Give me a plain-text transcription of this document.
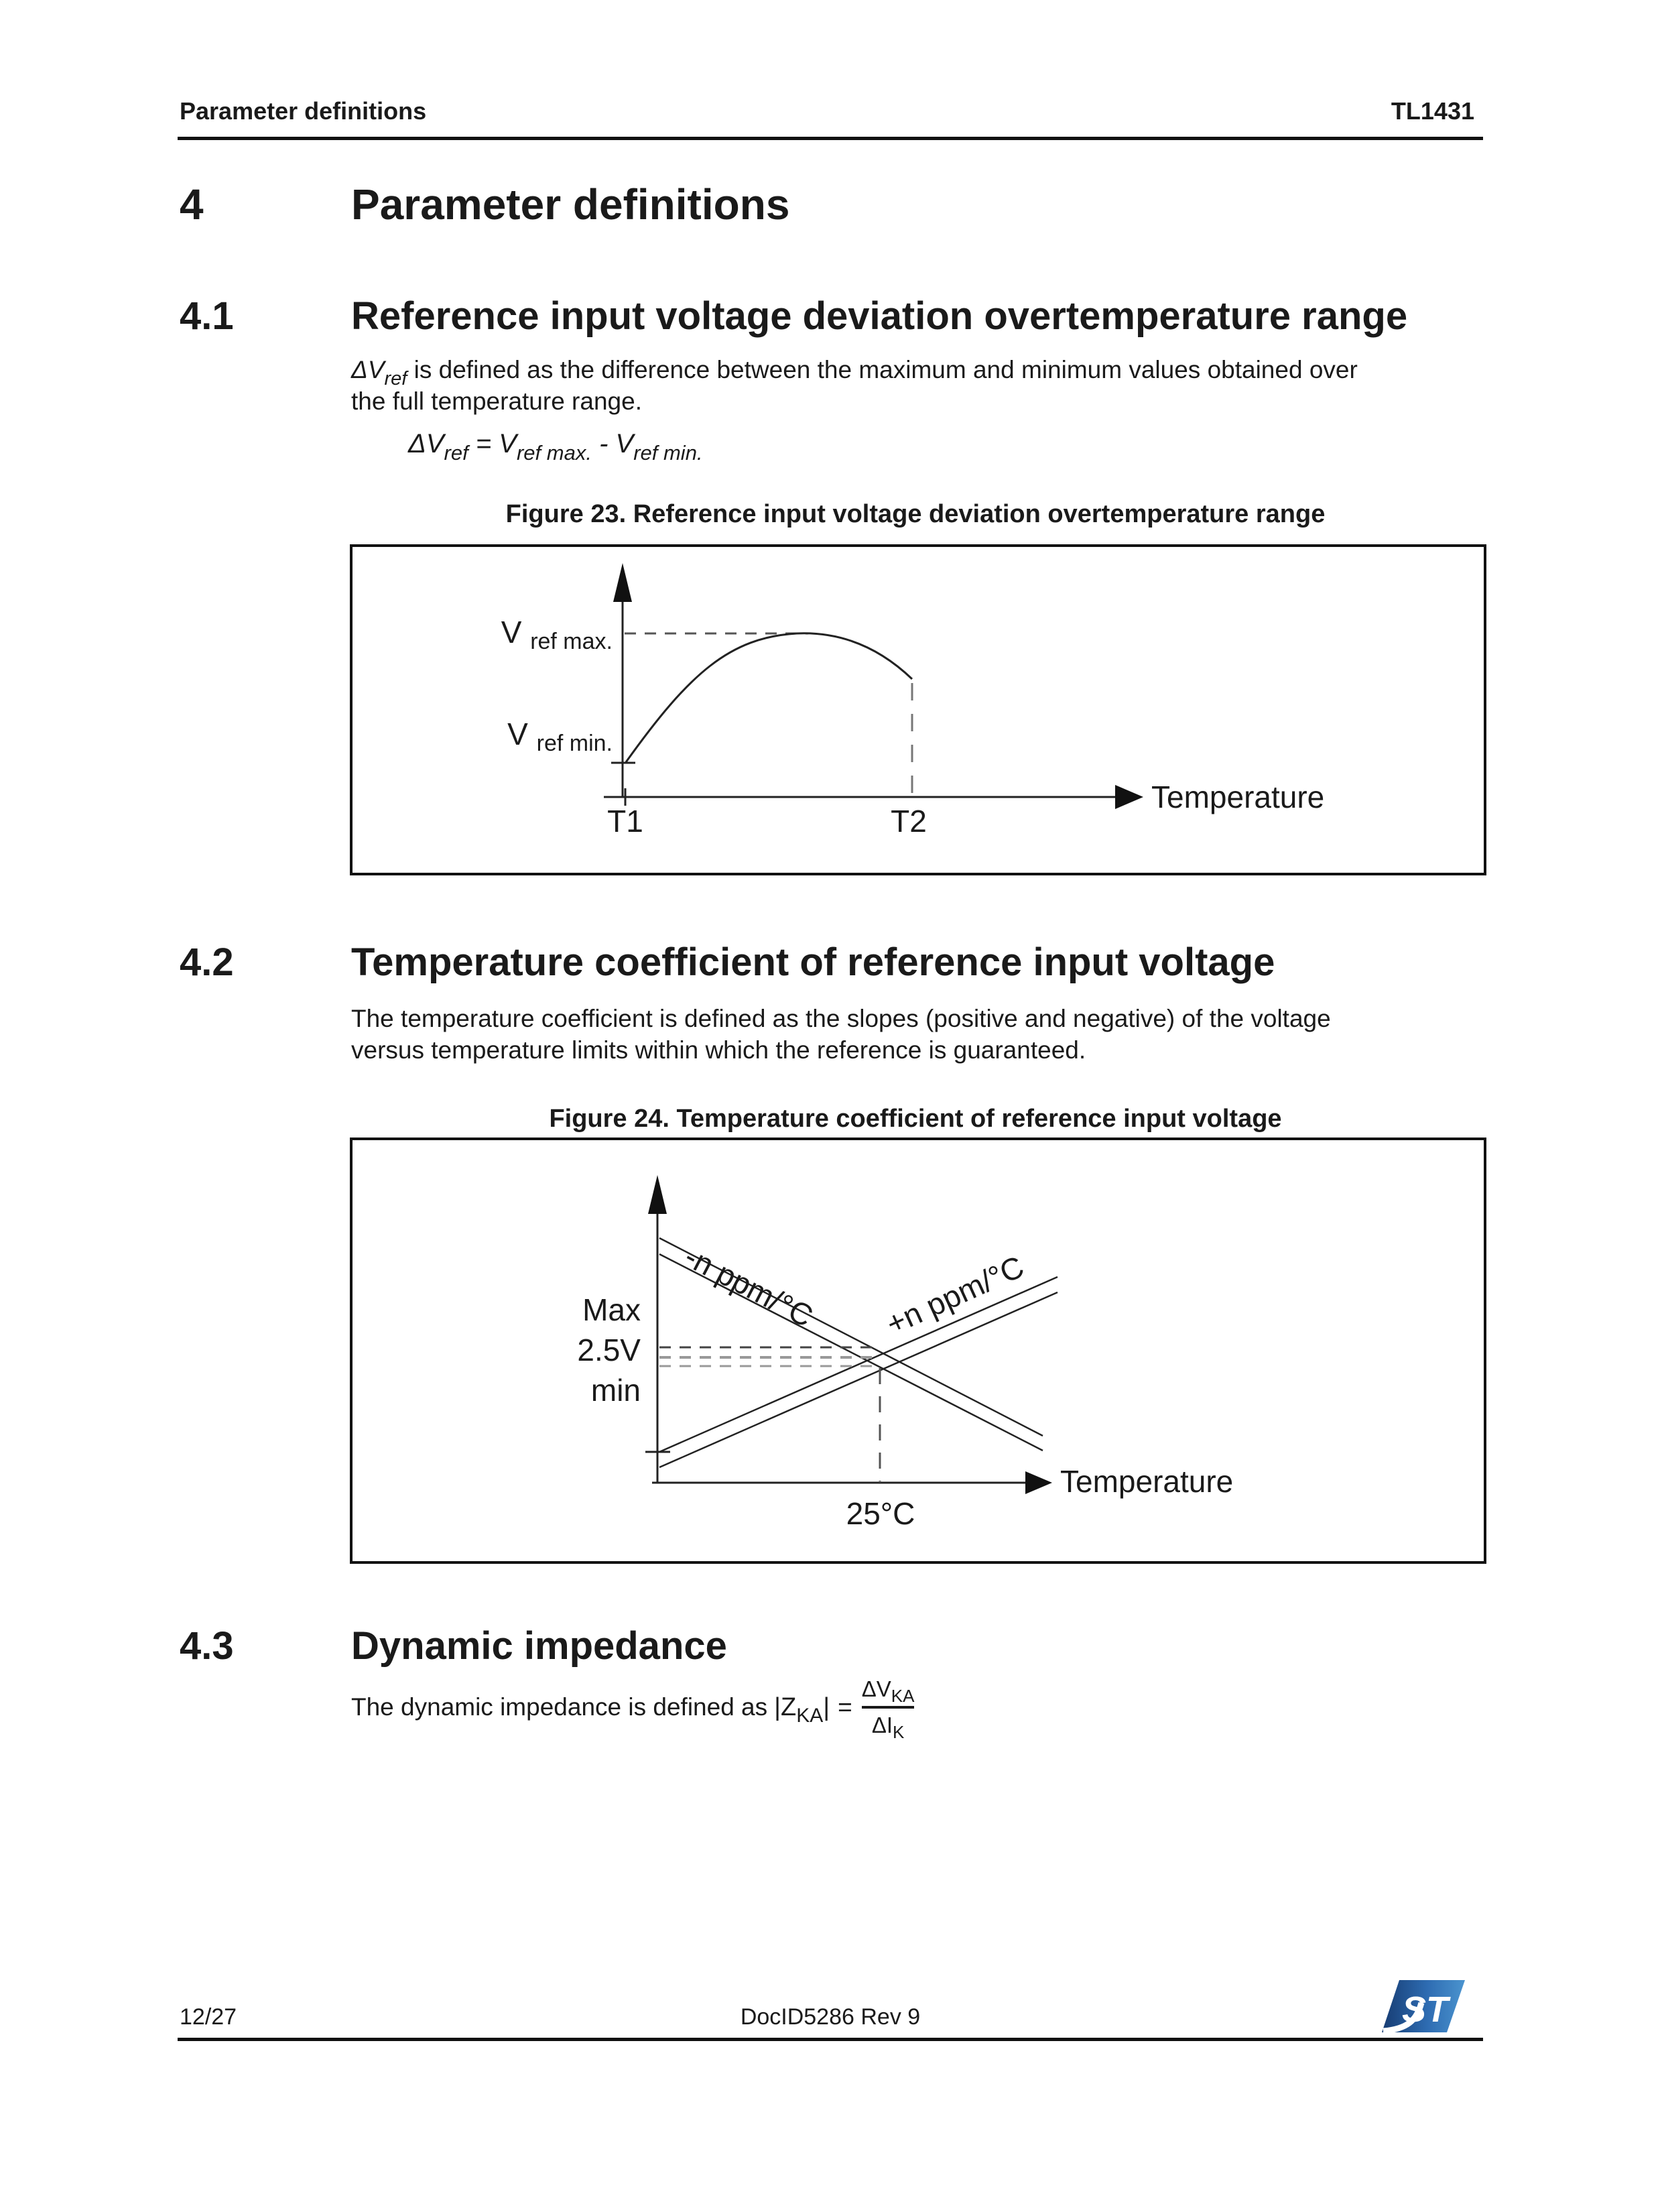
Parameter definitions	TL1431
4	Parameter definitions
4.1	Reference input voltage deviation overtemperature range
$\Delta V_{ref}$ is defined as the difference between the maximum and minimum values obtained over
the full temperature range.
$\Delta V_{ref} = V_{ref max.} - V_{ref min.}$
Figure 23. Reference input voltage deviation overtemperature range
V $_{ref max.}$
V $_{ref min.}$
T1	T2
Temperature
4.2	Temperature coefficient of reference input voltage
The temperature coefficient is defined as the slopes (positive and negative) of the voltage
versus temperature limits within which the reference is guaranteed.
Figure 24. Temperature coefficient of reference input voltage
Max
2.5V
min
-n ppm/°C +n ppm/°C
25°C
Temperature
4.3	Dynamic impedance
The dynamic impedance is defined as $|Z_{KA}| = \frac{\Delta V_{KA}}{\Delta I_K}$
12/27	DocID5286 Rev 9	ST
